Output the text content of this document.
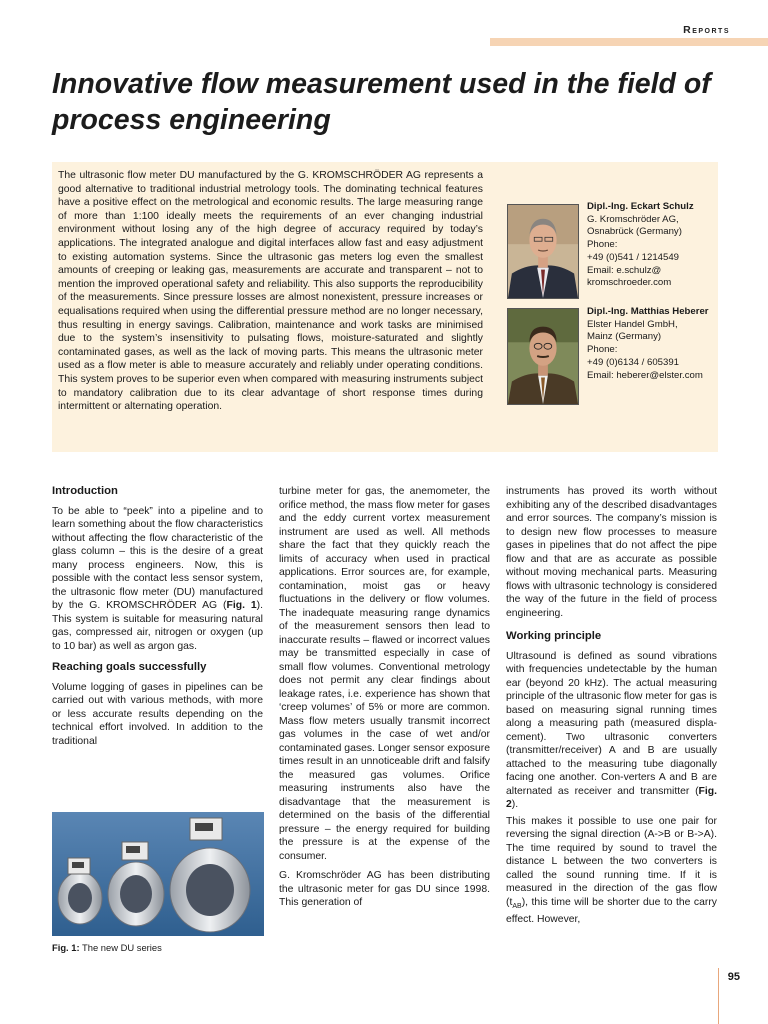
Reports
Innovative flow measurement used in the field of process engineering

The ultrasonic flow meter DU manufactured by the G. KROMSCHRÖDER AG represents a good alternative to traditional industrial metrology tools. The dominating technical features have a positive effect on the metrological and economic results. The large measuring range of more than 1:100 ideally meets the requirements of an ever changing industrial environment without losing any of the high degree of accuracy required by today’s applications. The integrated analogue and digital interfaces allow fast and easy adjustment to existing automation systems. Since the ultrasonic gas meters log even the smallest amounts of creeping or leaking gas, measurements are accurate and transparent – not to mention the improved operational safety and reliability. This also supports the reproducibility of the measurements. Since pressure losses are almost nonexistent, pressure increases or equalisations required when using the differential pressure method are no longer necessary, thus resulting in energy savings. Calibration, maintenance and work tasks are minimised due to the system’s insensitivity to pulsating flows, moisture-saturated and slightly contaminated gases, as well as the lack of moving parts. This means the ultrasonic meter used as a flow meter is able to measure accurately and reliably under operating conditions. This system proves to be superior even when compared with measuring instruments subject to mandatory calibration due to its clear advantage of short response times during intermittent or alternating operation.

Dipl.-Ing. Eckart Schulz
G. Kromschröder AG,
Osnabrück (Germany)
Phone:
+49 (0)541 / 1214549
Email: e.schulz@
kromschroeder.com
Dipl.-Ing. Matthias Heberer
Elster Handel GmbH,
Mainz (Germany)
Phone:
+49 (0)6134 / 605391
Email: heberer@elster.com
Introduction

To be able to “peek” into a pipeline and to learn something about the flow characteristics without affecting the flow characteristic of the glass column – this is the desire of a great many process engineers. Now, this is possible with the contact less sensor system, the ultrasonic flow meter (DU) manufactured by the G. KROMSCHRÖDER AG (Fig. 1). This system is suitable for measuring natural gas, compressed air, nitrogen or oxygen (up to 10 bar) as well as argon gas.

Reaching goals successfully

Volume logging of gases in pipelines can be carried out with various methods, with more or less accurate results depending on the technical effort involved. In addition to the traditional

Fig. 1: The new DU series

turbine meter for gas, the anemometer, the orifice method, the mass flow meter for gases and the eddy current vortex measurement instrument are used as well. All methods share the fact that they quickly reach the limits of accuracy when used in practical applications. Error sources are, for example, contamination, moist gas or heavy fluctuations in the delivery or flow volumes. The inadequate measuring range dynamics of the measurement sensors then lead to inaccurate results – flawed or incorrect values may be transmitted especially in case of small flow volumes. Conventional metrology does not permit any clear findings about leakage rates, i.e. experience has shown that ‘creep volumes’ of 5% or more are common. Mass flow meters usually transmit incorrect gas volumes in the case of wet and/or contaminated gases. Longer sensor exposure times result in an unnoticeable drift and falsify the measured gas volumes. Orifice measuring instruments also have the disadvantage that the measurement is determined on the basis of the differential pressure – the energy required for building the pressure is at the expense of the consumer.

G. Kromschröder AG has been distributing the ultrasonic meter for gas DU since 1998. This generation of

instruments has proved its worth without exhibiting any of the described disadvantages and error sources. The company’s mission is to design new flow processes to measure gases in pipelines that do not affect the pipe flow and that are as accurate as possible without moving mechanical parts. Measuring flows with ultrasonic technology is considered the way of the future in the field of process engineering.

Working principle

Ultrasound is defined as sound vibrations with frequencies undetectable by the human ear (beyond 20 kHz). The actual measuring principle of the ultrasonic flow meter for gas is based on measuring signal running times along a measuring path (measured displa-cement). Two ultrasonic converters (transmitter/receiver) A and B are usually attached to the measuring tube diagonally facing one another. Con-verters A and B are alternated as receiver and transmitter (Fig. 2).

This makes it possible to use one pair for reversing the signal direction (A->B or B->A). The time required by sound to travel the distance L between the two converters is called the sound running time. If it is measured in the direction of the gas flow $(t_{AB})$, this time will be shorter due to the carry effect. However,

95
